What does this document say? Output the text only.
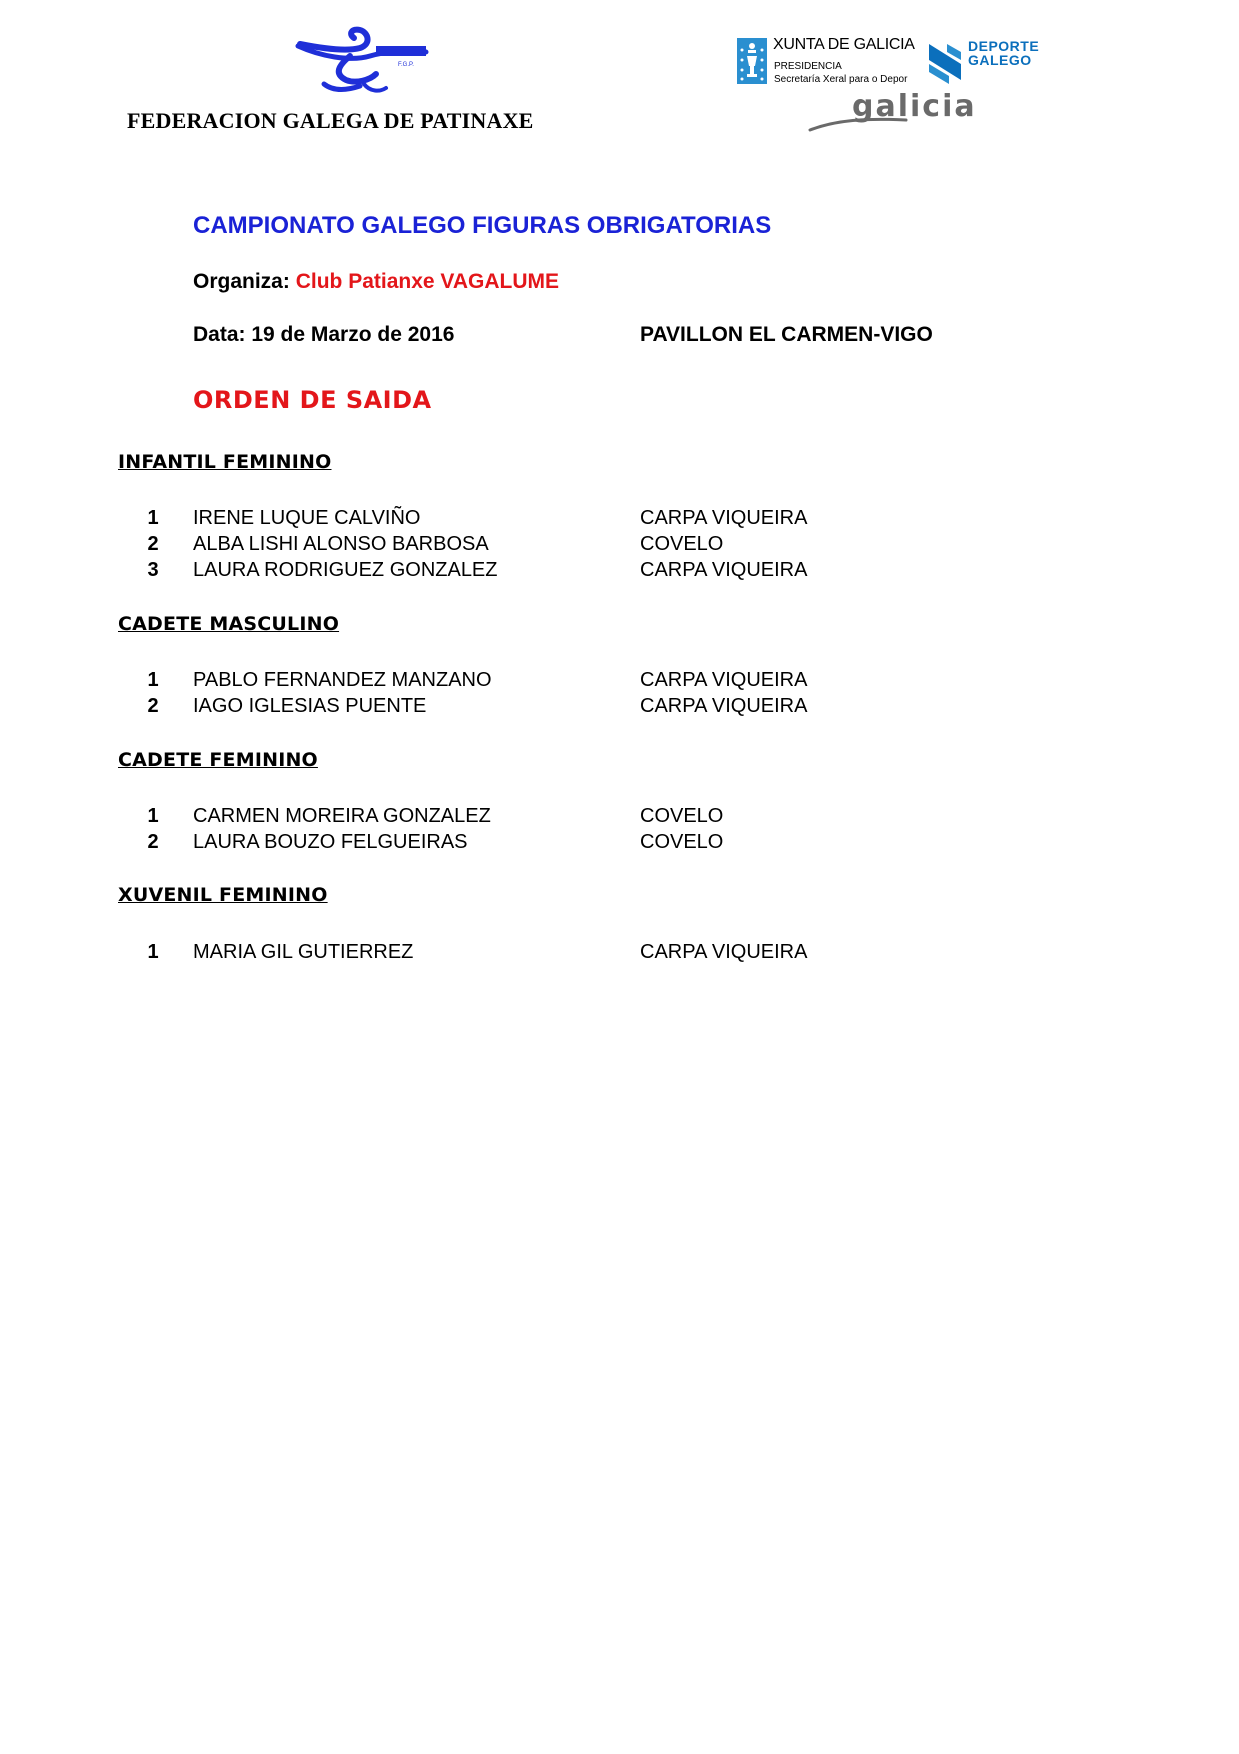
F.G.P.
FEDERACION GALEGA DE PATINAXE
XUNTA DE GALICIA
PRESIDENCIA
Secretaría Xeral para o Depor
DEPORTE
GALEGO
galicia
CAMPIONATO GALEGO FIGURAS OBRIGATORIAS
Organiza: Club Patianxe VAGALUME
Data: 19 de Marzo de 2016	PAVILLON EL CARMEN-VIGO
ORDEN DE SAIDA
INFANTIL FEMININO
1 IRENE LUQUE CALVIÑO	CARPA VIQUEIRA
2 ALBA LISHI ALONSO BARBOSA	COVELO
3 LAURA RODRIGUEZ GONZALEZ	CARPA VIQUEIRA
CADETE MASCULINO
1 PABLO FERNANDEZ MANZANO	CARPA VIQUEIRA
2 IAGO IGLESIAS PUENTE	CARPA VIQUEIRA
CADETE FEMININO
1 CARMEN MOREIRA GONZALEZ	COVELO
2 LAURA BOUZO FELGUEIRAS	COVELO
XUVENIL FEMININO
1 MARIA GIL GUTIERREZ	CARPA VIQUEIRA
